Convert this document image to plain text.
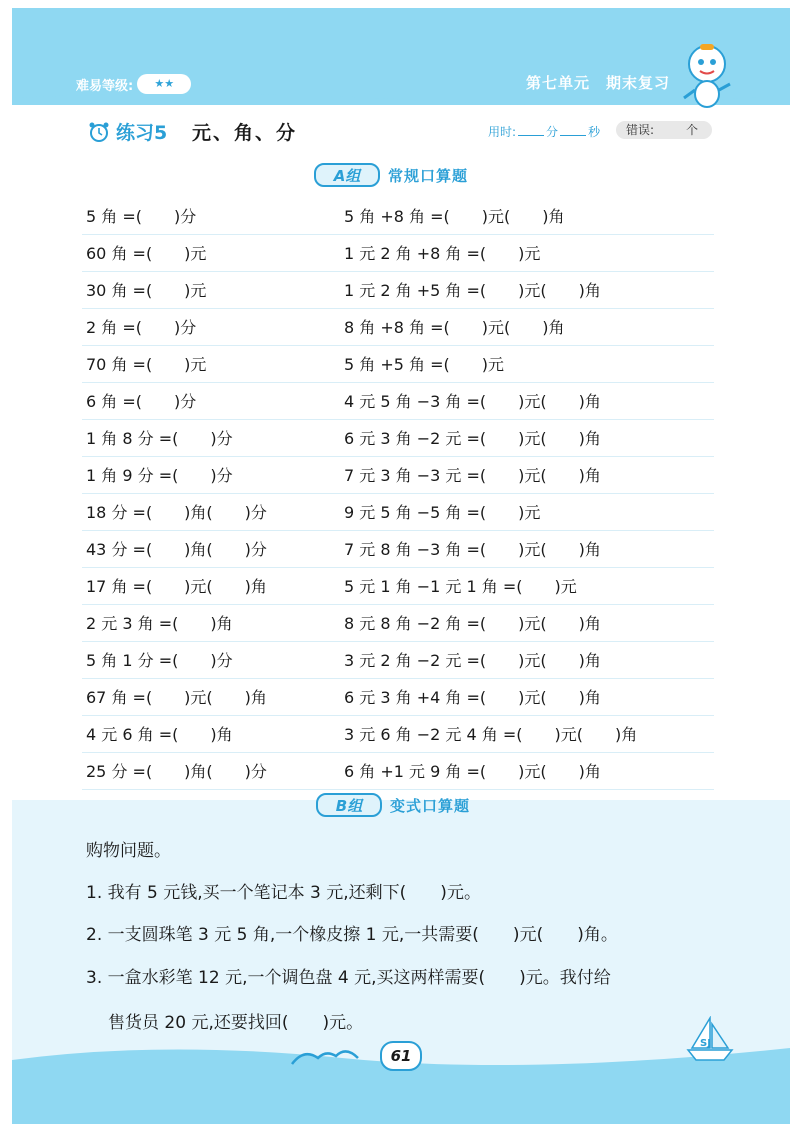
难易等级:	★★	第七单元　期末复习
练习5 元、角、分	用时:	分	秒 错误:	个
A组	常规口算题
5 角 =(　　)分	5 角 +8 角 =(　　)元(　　)角
60 角 =(　　)元	1 元 2 角 +8 角 =(　　)元
30 角 =(　　)元	1 元 2 角 +5 角 =(　　)元(　　)角
2 角 =(　　)分	8 角 +8 角 =(　　)元(　　)角
70 角 =(　　)元	5 角 +5 角 =(　　)元
6 角 =(　　)分	4 元 5 角 −3 角 =(　　)元(　　)角
1 角 8 分 =(　　)分	6 元 3 角 −2 元 =(　　)元(　　)角
1 角 9 分 =(　　)分	7 元 3 角 −3 元 =(　　)元(　　)角
18 分 =(　　)角(　　)分	9 元 5 角 −5 角 =(　　)元
43 分 =(　　)角(　　)分	7 元 8 角 −3 角 =(　　)元(　　)角
17 角 =(　　)元(　　)角	5 元 1 角 −1 元 1 角 =(　　)元
2 元 3 角 =(　　)角	8 元 8 角 −2 角 =(　　)元(　　)角
5 角 1 分 =(　　)分	3 元 2 角 −2 元 =(　　)元(　　)角
67 角 =(　　)元(　　)角	6 元 3 角 +4 角 =(　　)元(　　)角
4 元 6 角 =(　　)角	3 元 6 角 −2 元 4 角 =(　　)元(　　)角
25 分 =(　　)角(　　)分	6 角 +1 元 9 角 =(　　)元(　　)角
B组	变式口算题
购物问题。
1. 我有 5 元钱,买一个笔记本 3 元,还剩下(　　)元。
2. 一支圆珠笔 3 元 5 角,一个橡皮擦 1 元,一共需要(　　)元(　　)角。
3. 一盒水彩笔 12 元,一个调色盘 4 元,买这两样需要(　　)元。我付给
售货员 20 元,还要找回(　　)元。
61
SJ
